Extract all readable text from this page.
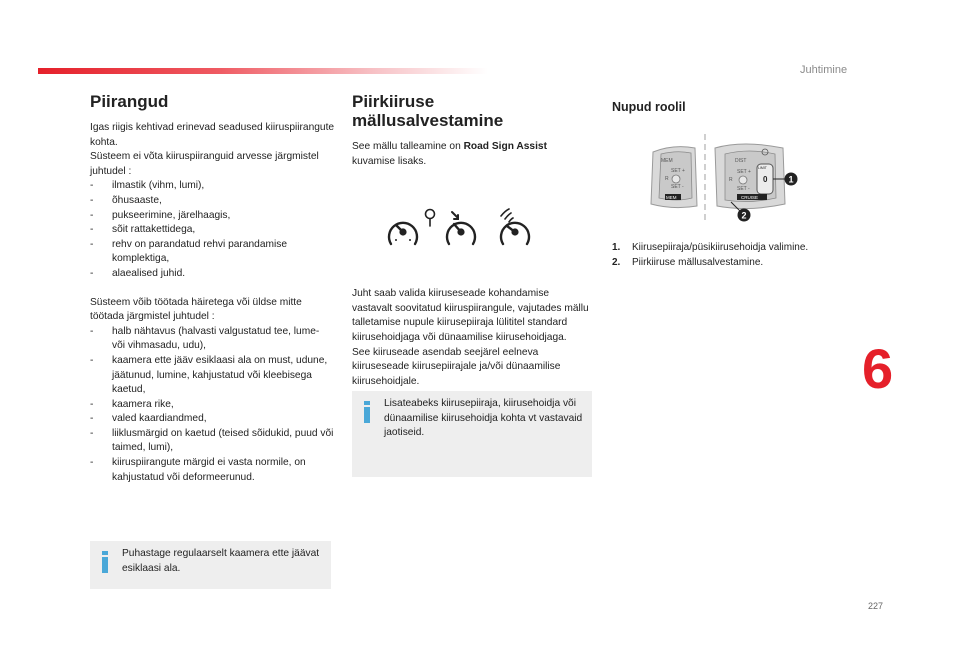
Juhtimine
Piirangud

Igas riigis kehtivad erinevad seadused kiiruspiirangute kohta.

Süsteem ei võta kiiruspiiranguid arvesse järgmistel juhtudel :

- ilmastik (vihm, lumi),
- õhusaaste,
- pukseerimine, järelhaagis,
- sõit rattakettidega,
- rehv on parandatud rehvi parandamise komplektiga,
- alaealised juhid.

Süsteem võib töötada häiretega või üldse mitte töötada järgmistel juhtudel :

- halb nähtavus (halvasti valgustatud tee, lume- või vihmasadu, udu),
- kaamera ette jääv esiklaasi ala on must, udune, jäätunud, lumine, kahjustatud või kleebisega kaetud,
- kaamera rike,
- valed kaardiandmed,
- liiklusmärgid on kaetud (teised sõidukid, puud või taimed, lumi),
- kiiruspiirangute märgid ei vasta normile, on kahjustatud või deformeerunud.
Puhastage regulaarselt kaamera ette jäävat esiklaasi ala.
Piirkiiruse
mällusalvestamine

See mällu talleamine on Road Sign Assist kuvamise lisaks.

Juht saab valida kiiruseseade kohandamise vastavalt soovitatud kiiruspiirangule, vajutades mällu talletamise nupule kiirusepiiraja lülititel standard kiirusehoidjaga või dünaamilise kiirusehoidjaga.

See kiiruseade asendab seejärel eelneva kiiruseseade kiirusepiirajale ja/või dünaamilise kiirusehoidjale.

Lisateabeks kiirusepiiraja, kiirusehoidja või dünaamilise kiirusehoidja kohta vt vastavaid jaotiseid.
Nupud roolil
MEM
SET +
SET -
R
MEM
DIST
SET +
SET -
R	0
LIMIT
CRUISE
1
2
1. Kiirusepiiraja/püsikiirusehoidja valimine.
2. Piirkiiruse mällusalvestamine.
6
227
